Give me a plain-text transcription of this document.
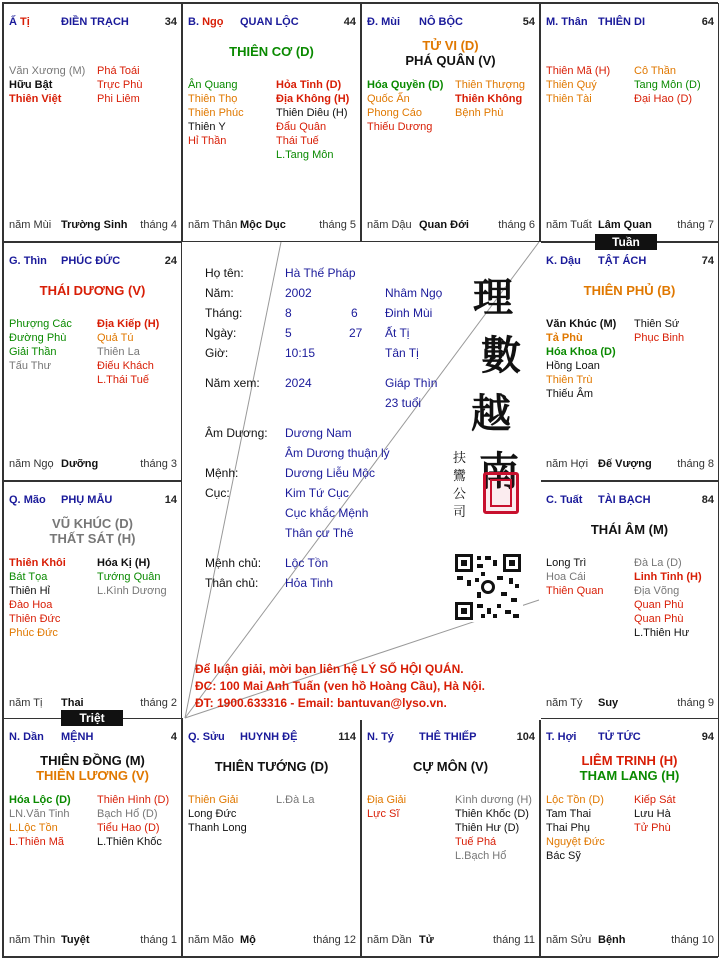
Ấ Tị	ĐIỀN TRẠCH	34
Văn Xương (M)
Hữu Bật
Thiên Việt
Phá Toái
Trực Phù
Phi Liêm
năm Mùi Trường Sinh tháng 4
B. Ngọ QUAN LỘC	44
THIÊN CƠ (D)
Ân Quang
Thiên Thọ
Thiên Phúc
Thiên Y
Hỉ Thần
Hỏa Tinh (D)
Địa Không (H)
Thiên Diêu (H)
Đẩu Quân
Thái Tuế
L.Tang Môn
năm Thân Mộc Dục	tháng 5
Đ. Mùi NÔ BỘC	54
TỬ VI (D)
PHÁ QUÂN (V)
Hóa Quyền (D)
Quốc Ấn
Phong Cáo
Thiếu Dương
Thiên Thượng
Thiên Không
Bệnh Phù
năm Dậu Quan Đới	tháng 6
M. Thân THIÊN DI	64
Thiên Mã (H)
Thiên Quý
Thiên Tài
Cô Thần
Tang Môn (D)
Đại Hao (D)
năm Tuất Lâm Quan tháng 7
G. Thìn PHÚC ĐỨC	24
THÁI DƯƠNG (V)
Phượng Các
Đường Phù
Giải Thần
Tấu Thư
Địa Kiếp (H)
Quả Tú
Thiên La
Điếu Khách
L.Thái Tuế
năm Ngọ Dưỡng	tháng 3
K. Dậu TẬT ÁCH	74
THIÊN PHỦ (B)
Văn Khúc (M)
Tả Phù
Hóa Khoa (D)
Hồng Loan
Thiên Trù
Thiếu Âm
Thiên Sứ
Phục Binh
năm Hợi Đế Vượng tháng 8
Q. Mão PHỤ MẪU	14
VŨ KHÚC (D)
THẤT SÁT (H)
Thiên Khôi
Bát Tọa
Thiên Hỉ
Đào Hoa
Thiên Đức
Phúc Đức
Hóa Kị (H)
Tướng Quân
L.Kình Dương
năm Tị Thai	tháng 2
C. Tuất TÀI BẠCH	84
THÁI ÂM (M)
Long Trì
Hoa Cái
Thiên Quan
Đà La (D)
Linh Tinh (H)
Địa Võng
Quan Phù
Quan Phù
L.Thiên Hư
năm Tý Suy	tháng 9
N. Dần MỆNH	4
THIÊN ĐỒNG (M)
THIÊN LƯƠNG (V)
Hóa Lộc (D)
LN.Văn Tinh
L.Lộc Tồn
L.Thiên Mã
Thiên Hình (D)
Bạch Hổ (D)
Tiểu Hao (D)
L.Thiên Khốc
năm Thìn Tuyệt	tháng 1
Q. Sửu HUYNH ĐỆ	114
THIÊN TƯỚNG (D)
Thiên Giải
Long Đức
Thanh Long
L.Đà La
năm Mão Mộ	tháng 12
N. Tý THÊ THIẾP	104
CỰ MÔN (V)
Địa Giải
Lực Sĩ
Kình dương (H)
Thiên Khốc (D)
Thiên Hư (D)
Tuế Phá
L.Bạch Hổ
năm Dần Tử	tháng 11
T. Hợi TỬ TỨC	94
LIÊM TRINH (H)
THAM LANG (H)
Lộc Tồn (D)
Tam Thai
Thai Phụ
Nguyệt Đức
Bác Sỹ
Kiếp Sát
Lưu Hà
Tử Phù
năm Sửu Bệnh	tháng 10
Họ tên:	Hà Thế Pháp
Năm:	2002	Nhâm Ngọ
Tháng:	8	6 Đinh Mùi
Ngày:	5	27 Ất Tị
Giờ:	10:15	Tân Tị
Năm xem: 2024	Giáp Thìn
23 tuổi
Âm Dương: Dương Nam
Âm Dương thuận lý
Mệnh:	Dương Liễu Mộc
Cục:	Kim Tứ Cục
Cục khắc Mệnh
Thân cư Thê
Mệnh chủ: Lộc Tồn
Thân chủ: Hỏa Tinh
理
數
越
南
扶鸞公司
Để luận giải, mời bạn liên hệ LÝ SỐ HỘI QUÁN.
ĐC: 100 Mai Anh Tuấn (ven hồ Hoàng Cầu), Hà Nội.
ĐT: 1900.633316 - Email: bantuvan@lyso.vn.
Tuần
Triệt
